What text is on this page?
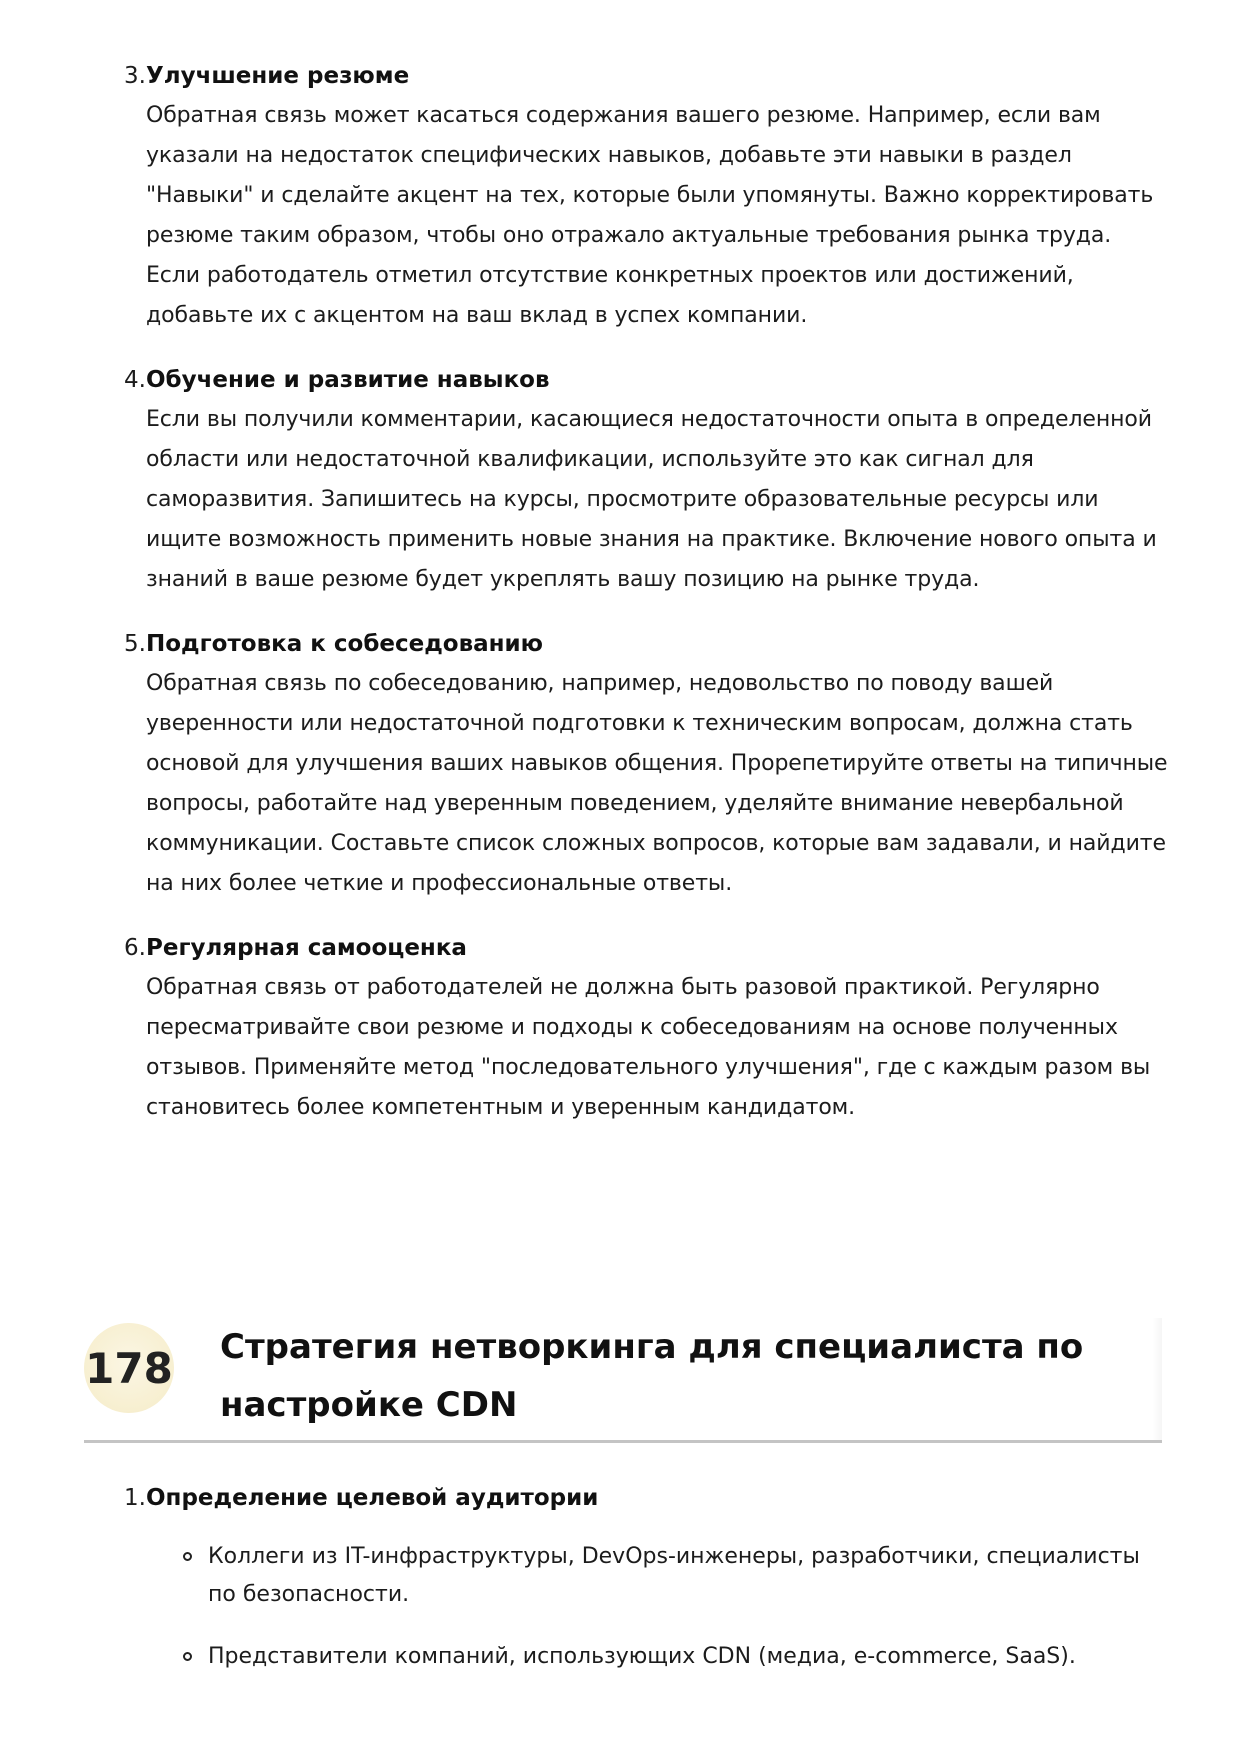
3. Улучшение резюме
Обратная связь может касаться содержания вашего резюме. Например, если вам указали на недостаток специфических навыков, добавьте эти навыки в раздел "Навыки" и сделайте акцент на тех, которые были упомянуты. Важно корректировать резюме таким образом, чтобы оно отражало актуальные требования рынка труда. Если работодатель отметил отсутствие конкретных проектов или достижений, добавьте их с акцентом на ваш вклад в успех компании.
4. Обучение и развитие навыков
Если вы получили комментарии, касающиеся недостаточности опыта в определенной области или недостаточной квалификации, используйте это как сигнал для саморазвития. Запишитесь на курсы, просмотрите образовательные ресурсы или ищите возможность применить новые знания на практике. Включение нового опыта и знаний в ваше резюме будет укреплять вашу позицию на рынке труда.
5. Подготовка к собеседованию
Обратная связь по собеседованию, например, недовольство по поводу вашей уверенности или недостаточной подготовки к техническим вопросам, должна стать основой для улучшения ваших навыков общения. Прорепетируйте ответы на типичные вопросы, работайте над уверенным поведением, уделяйте внимание невербальной коммуникации. Составьте список сложных вопросов, которые вам задавали, и найдите на них более четкие и профессиональные ответы.
6. Регулярная самооценка
Обратная связь от работодателей не должна быть разовой практикой. Регулярно пересматривайте свои резюме и подходы к собеседованиям на основе полученных отзывов. Применяйте метод "последовательного улучшения", где с каждым разом вы становитесь более компетентным и уверенным кандидатом.
178 Стратегия нетворкинга для специалиста по настройке CDN
1. Определение целевой аудитории
Коллеги из IT-инфраструктуры, DevOps-инженеры, разработчики, специалисты по безопасности.
Представители компаний, использующих CDN (медиа, e-commerce, SaaS).
